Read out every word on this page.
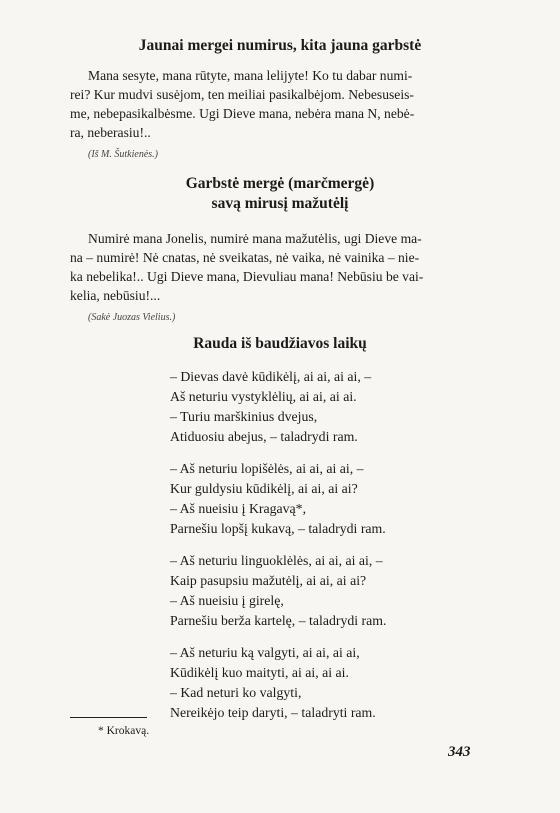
Jaunai mergei numirus, kita jauna garbstė
Mana sesyte, mana rūtyte, mana lelijyte! Ko tu dabar numi-
rei? Kur mudvi susėjom, ten meiliai pasikalbėjom. Nebesuseis-
me, nebepasikalbėsme. Ugi Dieve mana, nebėra mana N, nebė-
ra, neberasiu!..
(Iš M. Šutkienės.)
Garbstė mergė (marčmergė)
savą mirusį mažutėlį
Numirė mana Jonelis, numirė mana mažutėlis, ugi Dieve ma-
na – numirė! Nė cnatas, nė sveikatas, nė vaika, nė vainika – nie-
ka nebelika!.. Ugi Dieve mana, Dievuliau mana! Nebūsiu be vai-
kelia, nebūsiu!...
(Sakė Juozas Vielius.)
Rauda iš baudžiavos laikų
– Dievas davė kūdikėlį, ai ai, ai ai, –
Aš neturiu vystyklėlių, ai ai, ai ai.
– Turiu marškinius dvejus,
Atiduosiu abejus, – taladrydi ram.
– Aš neturiu lopišėlės, ai ai, ai ai, –
Kur guldysiu kūdikėlį, ai ai, ai ai?
– Aš nueisiu į Kragavą*,
Parnešiu lopšį kukavą, – taladrydi ram.
– Aš neturiu linguoklėlės, ai ai, ai ai, –
Kaip pasupsiu mažutėlį, ai ai, ai ai?
– Aš nueisiu į girelę,
Parnešiu berža kartelę, – taladrydi ram.
– Aš neturiu ką valgyti, ai ai, ai ai,
Kūdikėlį kuo maityti, ai ai, ai ai.
– Kad neturi ko valgyti,
Nereikėjo teip daryti, – taladryti ram.
* Krokavą.
343
